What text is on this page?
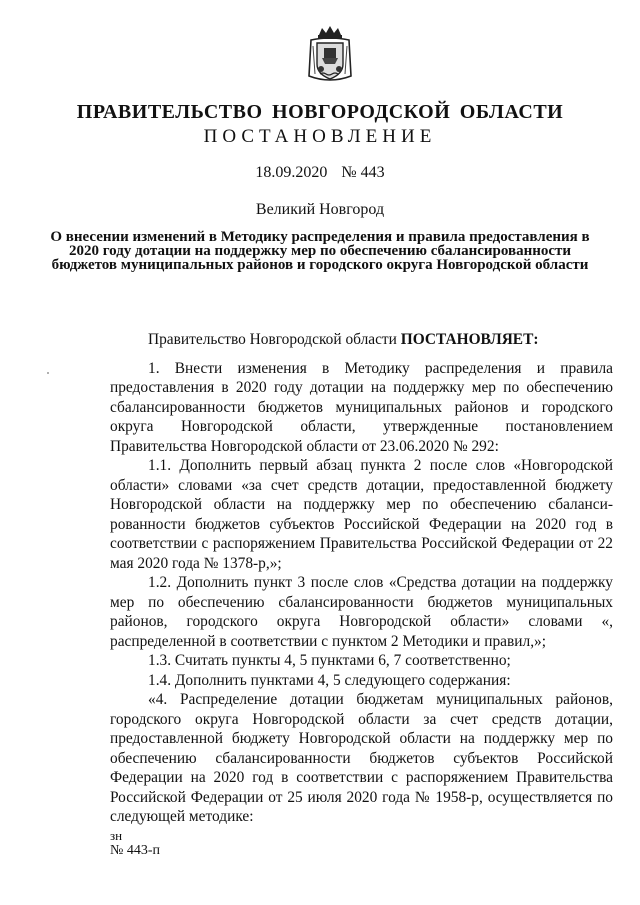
ПРАВИТЕЛЬСТВО НОВГОРОДСКОЙ ОБЛАСТИ
ПОСТАНОВЛЕНИЕ
18.09.2020 № 443
Великий Новгород
О внесении изменений в Методику распределения и правила предоставления в 2020 году дотации на поддержку мер по обеспечению сбалансированности бюджетов муниципальных районов и городского округа Новгородской области

Правительство Новгородской области ПОСТАНОВЛЯЕТ:

1. Внести изменения в Методику распределения и правила предоставления в 2020 году дотации на поддержку мер по обеспечению сбалансированности бюджетов муниципальных районов и городского округа Новгородской области, утвержденные постановлением Правительства Новгородской области от 23.06.2020 № 292:

1.1. Дополнить первый абзац пункта 2 после слов «Новгородской области» словами «за счет средств дотации, предоставленной бюджету Новгородской области на поддержку мер по обеспечению сбалансированности бюджетов субъектов Российской Федерации на 2020 год в соответствии с распоряжением Правительства Российской Федерации от 22 мая 2020 года № 1378-р,»;

1.2. Дополнить пункт 3 после слов «Средства дотации на поддержку мер по обеспечению сбалансированности бюджетов муниципальных районов, городского округа Новгородской области» словами «, распределенной в соответствии с пунктом 2 Методики и правил,»;

1.3. Считать пункты 4, 5 пунктами 6, 7 соответственно;

1.4. Дополнить пунктами 4, 5 следующего содержания:

«4. Распределение дотации бюджетам муниципальных районов, городского округа Новгородской области за счет средств дотации, предоставленной бюджету Новгородской области на поддержку мер по обеспечению сбалансированности бюджетов субъектов Российской Федерации на 2020 год в соответствии с распоряжением Правительства Российской Федерации от 25 июля 2020 года № 1958-р, осуществляется по следующей методике:

зн
№ 443-п
